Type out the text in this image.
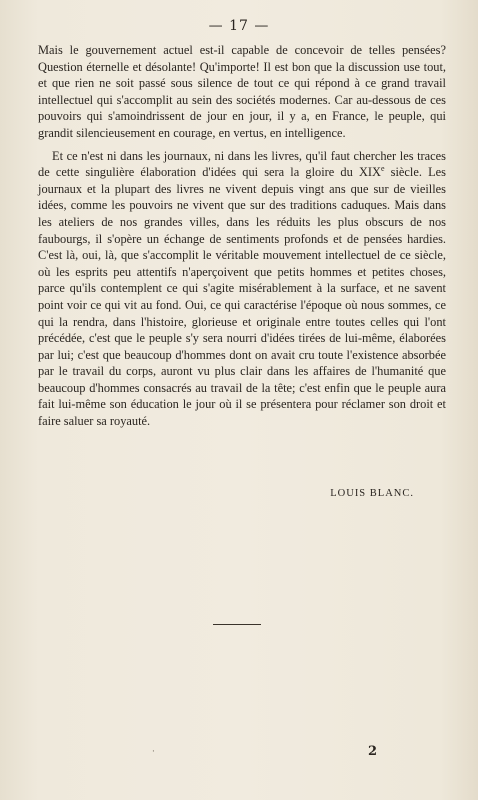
— 17 —

Mais le gouvernement actuel est-il capable de concevoir de telles pensées? Question éternelle et désolante! Qu'importe! Il est bon que la discussion use tout, et que rien ne soit passé sous silence de tout ce qui répond à ce grand travail intellectuel qui s'accomplit au sein des sociétés modernes. Car au-dessous de ces pouvoirs qui s'amoindrissent de jour en jour, il y a, en France, le peuple, qui grandit silencieusement en courage, en vertus, en intelligence.

Et ce n'est ni dans les journaux, ni dans les livres, qu'il faut chercher les traces de cette singulière élaboration d'idées qui sera la gloire du XIXe siècle. Les journaux et la plupart des livres ne vivent depuis vingt ans que sur de vieilles idées, comme les pouvoirs ne vivent que sur des traditions caduques. Mais dans les ateliers de nos grandes villes, dans les réduits les plus obscurs de nos faubourgs, il s'opère un échange de sentiments profonds et de pensées hardies. C'est là, oui, là, que s'accomplit le véritable mouvement intellectuel de ce siècle, où les esprits peu attentifs n'aperçoivent que petits hommes et petites choses, parce qu'ils contemplent ce qui s'agite misérablement à la surface, et ne savent point voir ce qui vit au fond. Oui, ce qui caractérise l'époque où nous sommes, ce qui la rendra, dans l'histoire, glorieuse et originale entre toutes celles qui l'ont précédée, c'est que le peuple s'y sera nourri d'idées tirées de lui-même, élaborées par lui; c'est que beaucoup d'hommes dont on avait cru toute l'existence absorbée par le travail du corps, auront vu plus clair dans les affaires de l'humanité que beaucoup d'hommes consacrés au travail de la tête; c'est enfin que le peuple aura fait lui-même son éducation le jour où il se présentera pour réclamer son droit et faire saluer sa royauté.

LOUIS BLANC.
·	2
